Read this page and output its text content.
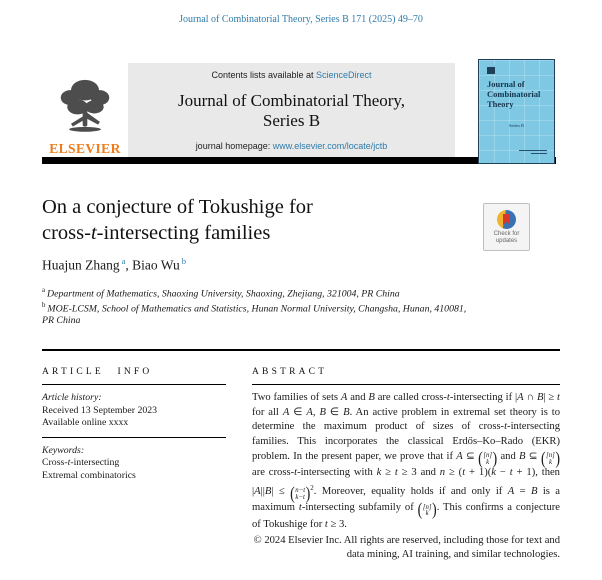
Journal of Combinatorial Theory, Series B 171 (2025) 49–70
ELSEVIER
Contents lists available at ScienceDirect
Journal of Combinatorial Theory,
Series B
journal homepage: www.elsevier.com/locate/jctb
Journal of
Combinatorial
Theory
Series B
On a conjecture of Tokushige for
cross-t-intersecting families	Check for
updates
Huajun Zhang $^a$, Biao Wu $^b$
$^a$ Department of Mathematics, Shaoxing University, Shaoxing, Zhejiang, 321004, PR China
$^b$ MOE-LCSM, School of Mathematics and Statistics, Hunan Normal University, Changsha, Hunan, 410081, PR China
ARTICLE INFO
Article history:
Received 13 September 2023
Available online xxxx
Keywords:
Cross-t-intersecting
Extremal combinatorics
ABSTRACT
Two families of sets A and B are called cross-t-intersecting if |A ∩ B| ≥ t for all A ∈ A, B ∈ B. An active problem in extremal set theory is to determine the maximum product of sizes of cross-t-intersecting families. This incorporates the classical Erdős–Ko–Rado (EKR) problem. In the present paper, we prove that if A ⊆ ( [n]
k ) and B ⊆ ( [n]
k )
are cross-t-intersecting with k ≥ t ≥ 3 and n ≥ (t + 1)(k − t + 1), then |A||B| ≤ ( n−t
k−t ) $^2$. Moreover, equality holds if and only if A = B is a maximum t-intersecting subfamily of ( [n]
k ) . This confirms a conjecture of Tokushige for t ≥ 3.
© 2024 Elsevier Inc. All rights are reserved, including those for text and data mining, AI training, and similar technologies.
